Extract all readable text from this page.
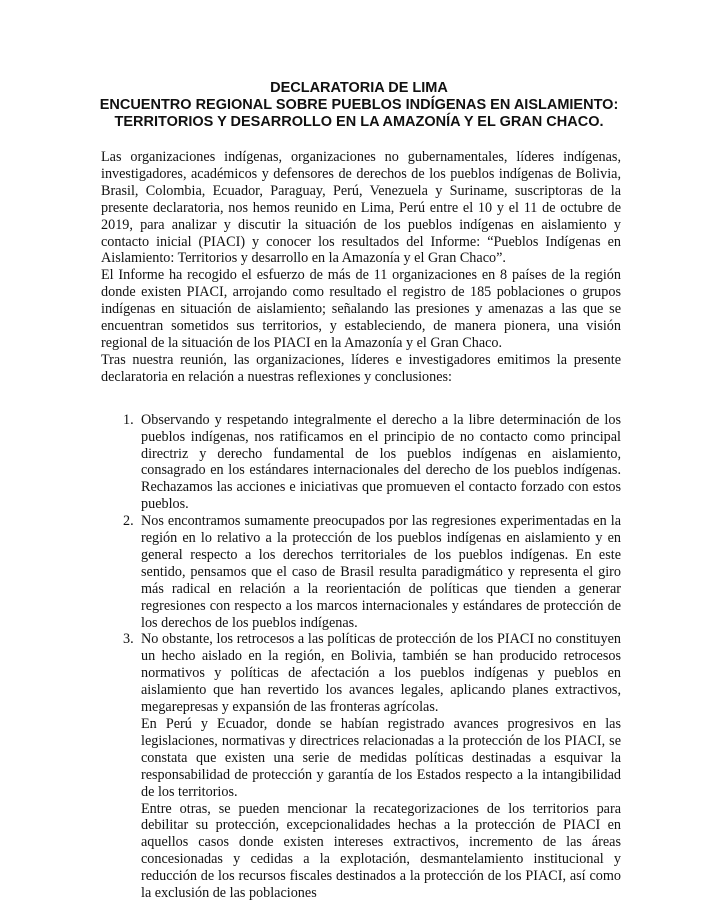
DECLARATORIA DE LIMA
ENCUENTRO REGIONAL SOBRE PUEBLOS INDÍGENAS EN AISLAMIENTO:
TERRITORIOS Y DESARROLLO EN LA AMAZONÍA Y EL GRAN CHACO.

Las organizaciones indígenas, organizaciones no gubernamentales, líderes indígenas, investigadores, académicos y defensores de derechos de los pueblos indígenas de Bolivia, Brasil, Colombia, Ecuador, Paraguay, Perú, Venezuela y Suriname, suscriptoras de la presente declaratoria, nos hemos reunido en Lima, Perú entre el 10 y el 11 de octubre de 2019, para analizar y discutir la situación de los pueblos indígenas en aislamiento y contacto inicial (PIACI) y conocer los resultados del Informe: “Pueblos Indígenas en Aislamiento: Territorios y desarrollo en la Amazonía y el Gran Chaco”.

El Informe ha recogido el esfuerzo de más de 11 organizaciones en 8 países de la región donde existen PIACI, arrojando como resultado el registro de 185 poblaciones o grupos indígenas en situación de aislamiento; señalando las presiones y amenazas a las que se encuentran sometidos sus territorios, y estableciendo, de manera pionera, una visión regional de la situación de los PIACI en la Amazonía y el Gran Chaco.

Tras nuestra reunión, las organizaciones, líderes e investigadores emitimos la presente declaratoria en relación a nuestras reflexiones y conclusiones:

1. Observando y respetando integralmente el derecho a la libre determinación de los pueblos indígenas, nos ratificamos en el principio de no contacto como principal directriz y derecho fundamental de los pueblos indígenas en aislamiento, consagrado en los estándares internacionales del derecho de los pueblos indígenas. Rechazamos las acciones e iniciativas que promueven el contacto forzado con estos pueblos.

2. Nos encontramos sumamente preocupados por las regresiones experimentadas en la región en lo relativo a la protección de los pueblos indígenas en aislamiento y en general respecto a los derechos territoriales de los pueblos indígenas. En este sentido, pensamos que el caso de Brasil resulta paradigmático y representa el giro más radical en relación a la reorientación de políticas que tienden a generar regresiones con respecto a los marcos internacionales y estándares de protección de los derechos de los pueblos indígenas.

3. No obstante, los retrocesos a las políticas de protección de los PIACI no constituyen un hecho aislado en la región, en Bolivia, también se han producido retrocesos normativos y políticas de afectación a los pueblos indígenas y pueblos en aislamiento que han revertido los avances legales, aplicando planes extractivos, megarepresas y expansión de las fronteras agrícolas.

En Perú y Ecuador, donde se habían registrado avances progresivos en las legislaciones, normativas y directrices relacionadas a la protección de los PIACI, se constata que existen una serie de medidas políticas destinadas a esquivar la responsabilidad de protección y garantía de los Estados respecto a la intangibilidad de los territorios.

Entre otras, se pueden mencionar la recategorizaciones de los territorios para debilitar su protección, excepcionalidades hechas a la protección de PIACI en aquellos casos donde existen intereses extractivos, incremento de las áreas concesionadas y cedidas a la explotación, desmantelamiento institucional y reducción de los recursos fiscales destinados a la protección de los PIACI, así como la exclusión de las poblaciones
